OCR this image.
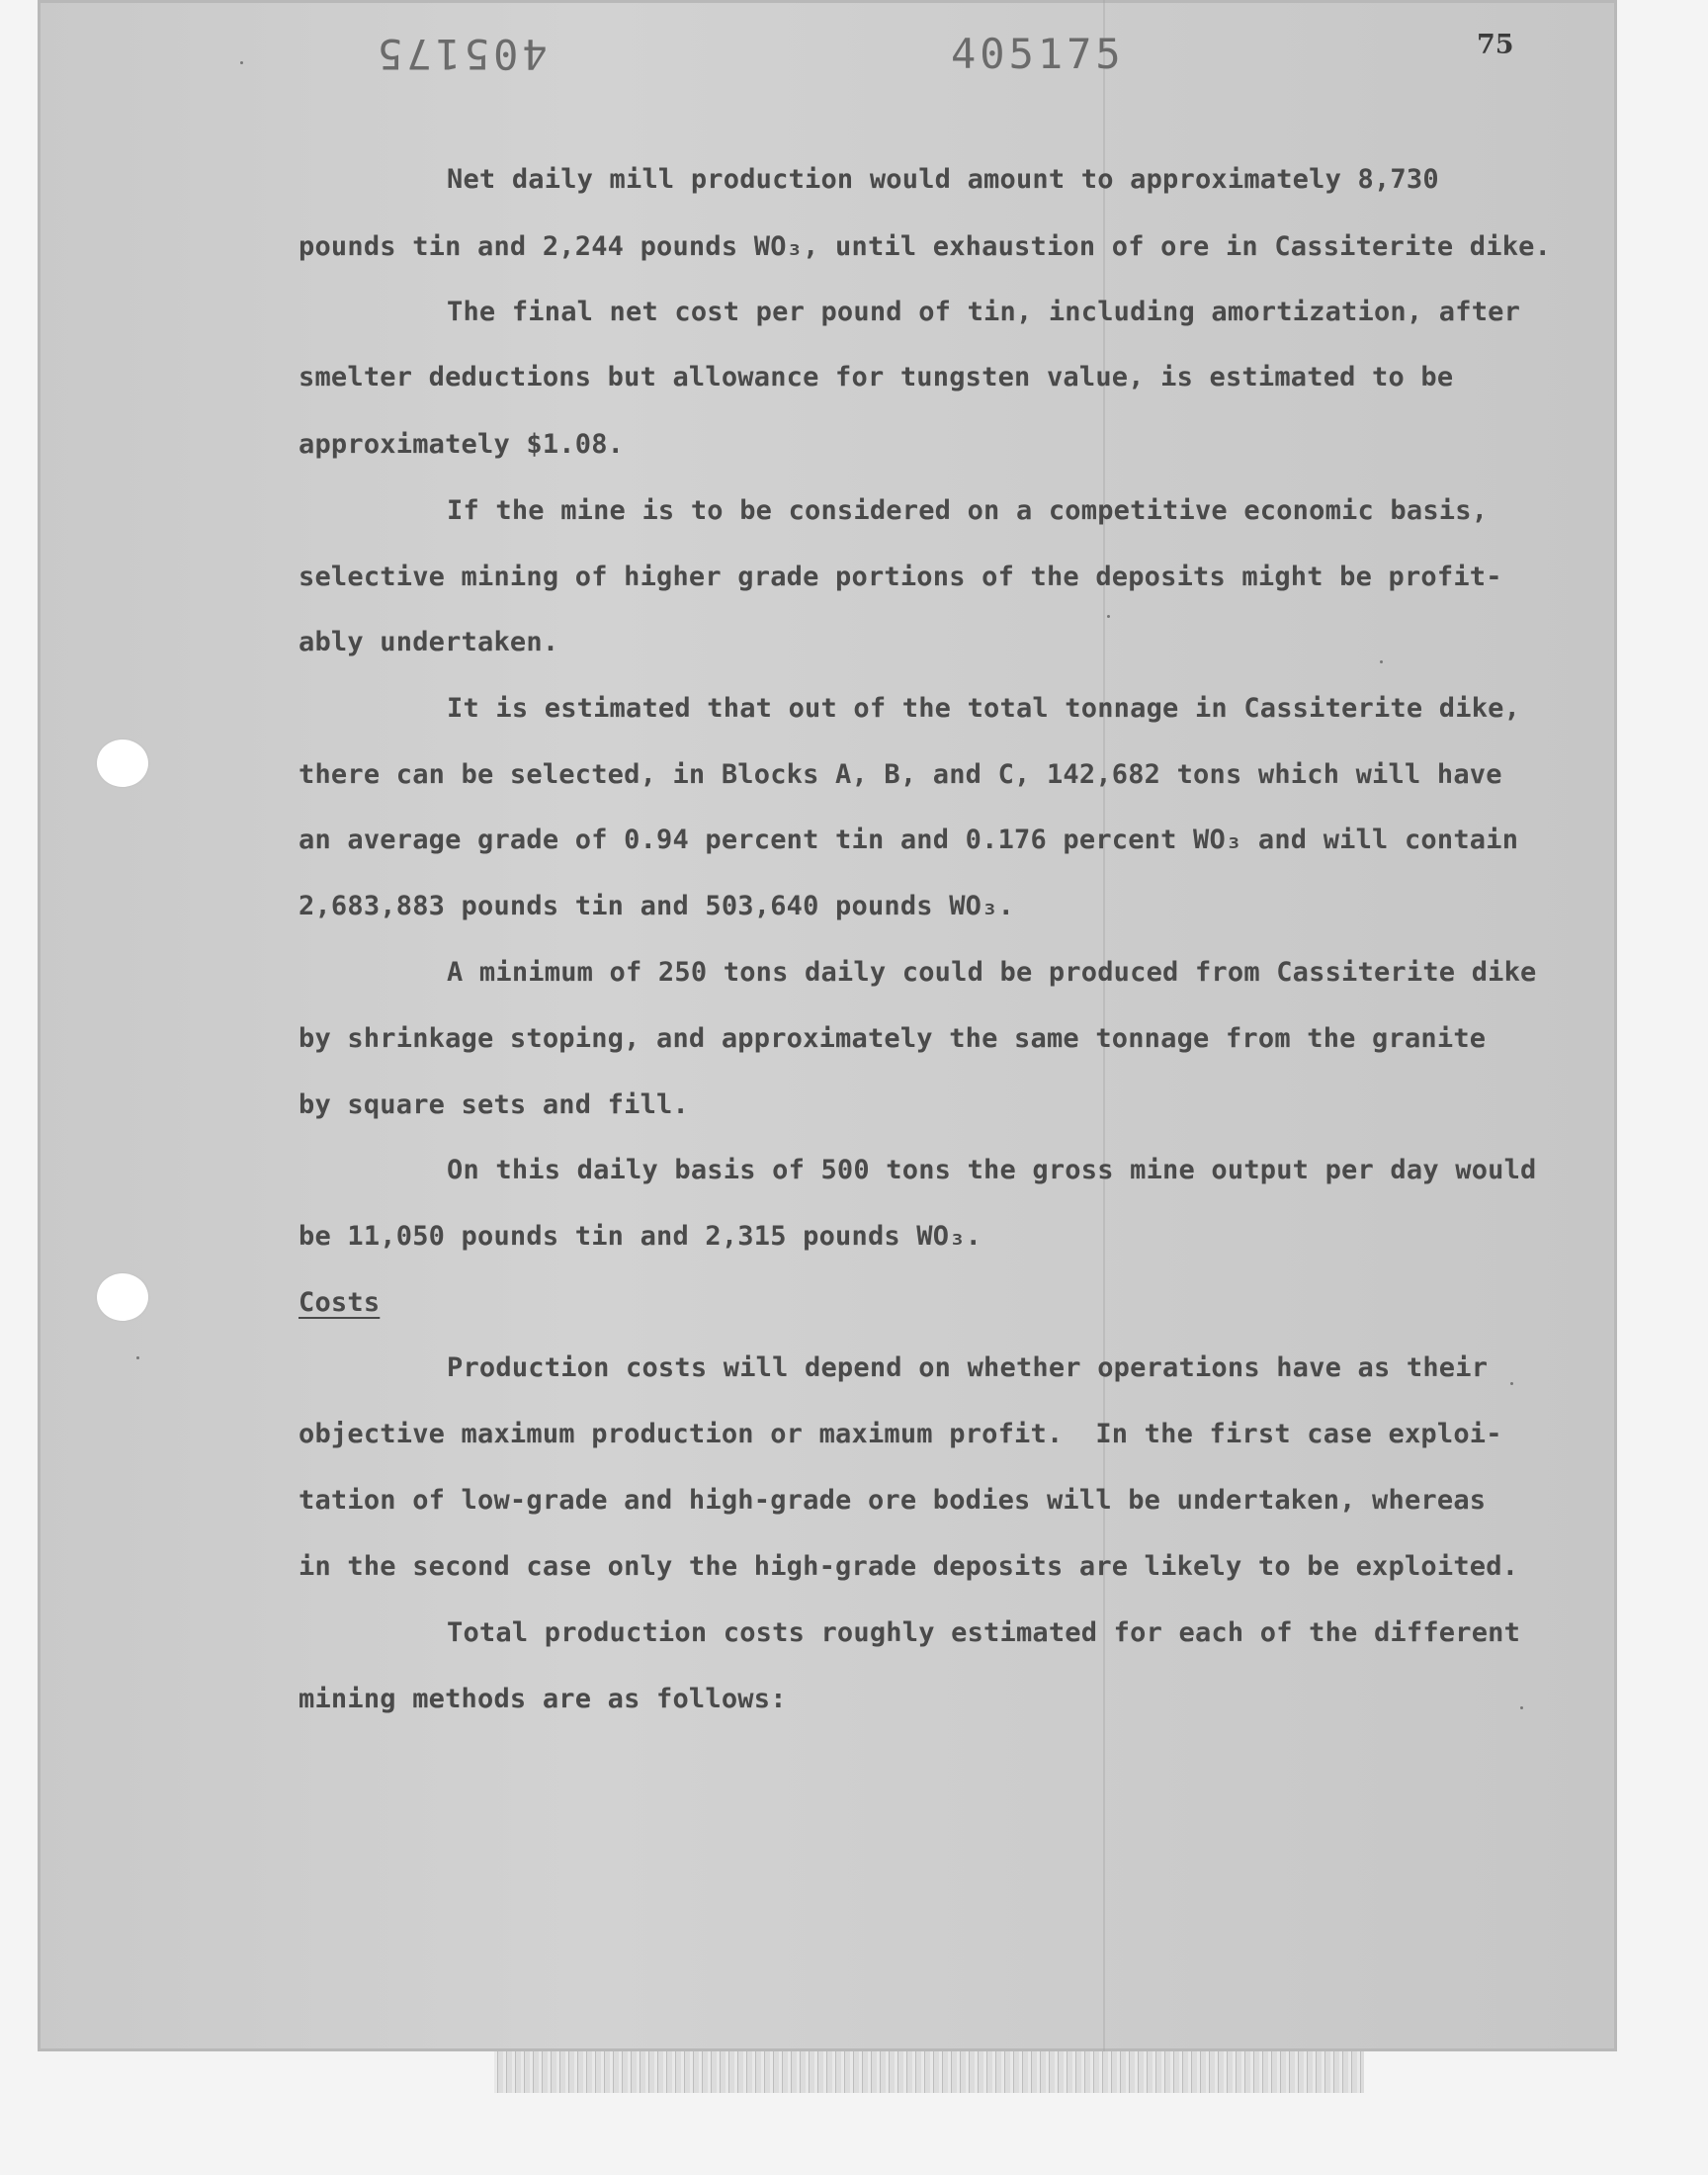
405175	405175	75
Net daily mill production would amount to approximately 8,730
pounds tin and 2,244 pounds WO₃, until exhaustion of ore in Cassiterite dike.
The final net cost per pound of tin, including amortization, after
smelter deductions but allowance for tungsten value, is estimated to be
approximately $1.08.
If the mine is to be considered on a competitive economic basis,
selective mining of higher grade portions of the deposits might be profit-
ably undertaken.
It is estimated that out of the total tonnage in Cassiterite dike,
there can be selected, in Blocks A, B, and C, 142,682 tons which will have
an average grade of 0.94 percent tin and 0.176 percent WO₃ and will contain
2,683,883 pounds tin and 503,640 pounds WO₃.
A minimum of 250 tons daily could be produced from Cassiterite dike
by shrinkage stoping, and approximately the same tonnage from the granite
by square sets and fill.
On this daily basis of 500 tons the gross mine output per day would
be 11,050 pounds tin and 2,315 pounds WO₃.
Costs
Production costs will depend on whether operations have as their
objective maximum production or maximum profit.  In the first case exploi-
tation of low-grade and high-grade ore bodies will be undertaken, whereas
in the second case only the high-grade deposits are likely to be exploited.
Total production costs roughly estimated for each of the different
mining methods are as follows:
